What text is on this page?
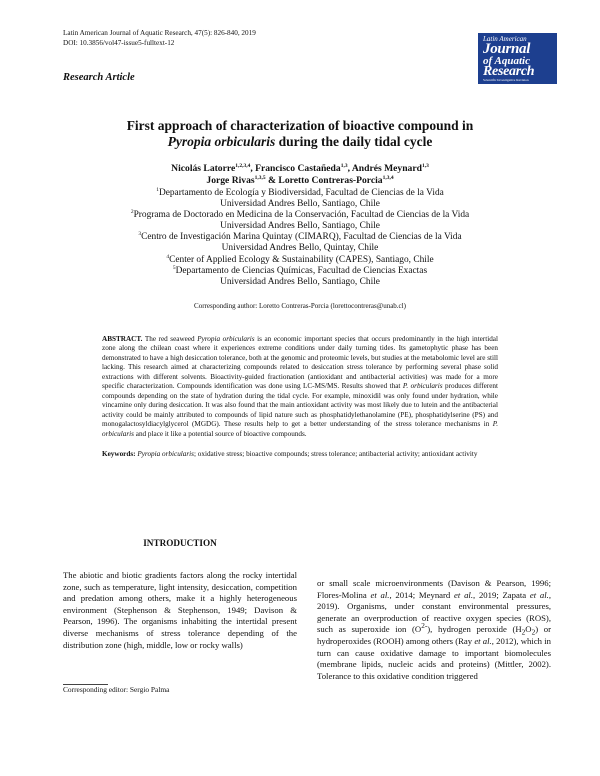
Latin American Journal of Aquatic Research, 47(5): 826-840, 2019
DOI: 10.3856/vol47-issue5-fulltext-12	Latin American
Journal
of Aquatic
Research
Scientific Investigative Revision
Research Article
First approach of characterization of bioactive compound in
Pyropia orbicularis during the daily tidal cycle
Nicolás Latorre$^{1,2,3,4}$, Francisco Castañeda$^{1,3}$, Andrés Meynard$^{1,3}$
Jorge Rivas$^{1,3,5}$ & Loretto Contreras-Porcia$^{1,3,4}$
$^1$Departamento de Ecología y Biodiversidad, Facultad de Ciencias de la Vida
Universidad Andres Bello, Santiago, Chile
$^2$Programa de Doctorado en Medicina de la Conservación, Facultad de Ciencias de la Vida
Universidad Andres Bello, Santiago, Chile
$^3$Centro de Investigación Marina Quintay (CIMARQ), Facultad de Ciencias de la Vida
Universidad Andres Bello, Quintay, Chile
$^4$Center of Applied Ecology & Sustainability (CAPES), Santiago, Chile
$^5$Departamento de Ciencias Químicas, Facultad de Ciencias Exactas
Universidad Andres Bello, Santiago, Chile
Corresponding author: Loretto Contreras-Porcia (lorettocontreras@unab.cl)
ABSTRACT. The red seaweed Pyropia orbicularis is an economic important species that occurs predominantly in the high intertidal zone along the chilean coast where it experiences extreme conditions under daily turning tides. Its gametophytic phase has been demonstrated to have a high desiccation tolerance, both at the genomic and proteomic levels, but studies at the metabolomic level are still lacking. This research aimed at characterizing compounds related to desiccation stress tolerance by performing several phase solid extractions with different solvents. Bioactivity-guided fractionation (antioxidant and antibacterial activities) was made for a more specific characterization. Compounds identification was done using LC-MS/MS. Results showed that P. orbicularis produces different compounds depending on the state of hydration during the tidal cycle. For example, minoxidil was only found under hydration, while vincamine only during desiccation. It was also found that the main antioxidant activity was most likely due to lutein and the antibacterial activity could be mainly attributed to compounds of lipid nature such as phosphatidylethanolamine (PE), phosphatidylserine (PS) and monogalactosyldiacylglycerol (MGDG). These results help to get a better understanding of the stress tolerance mechanisms in P. orbicularis and place it like a potential source of bioactive compounds.
Keywords: Pyropia orbicularis; oxidative stress; bioactive compounds; stress tolerance; antibacterial activity; antioxidant activity
INTRODUCTION
The abiotic and biotic gradients factors along the rocky intertidal zone, such as temperature, light intensity, desiccation, competition and predation among others, make it a highly heterogeneous environment (Stephenson & Stephenson, 1949; Davison & Pearson, 1996). The organisms inhabiting the intertidal present diverse mechanisms of stress tolerance depending of the distribution zone (high, middle, low or rocky walls)
or small scale microenvironments (Davison & Pearson, 1996; Flores-Molina et al., 2014; Meynard et al., 2019; Zapata et al., 2019). Organisms, under constant environmental pressures, generate an overproduction of reactive oxygen species (ROS), such as superoxide ion $(O^{2-})$, hydrogen peroxide $(H_2O_2)$ or hydroperoxides (ROOH) among others (Ray et al., 2012), which in turn can cause oxidative damage to important biomolecules (membrane lipids, nucleic acids and proteins) (Mittler, 2002). Tolerance to this oxidative condition triggered
Corresponding editor: Sergio Palma
